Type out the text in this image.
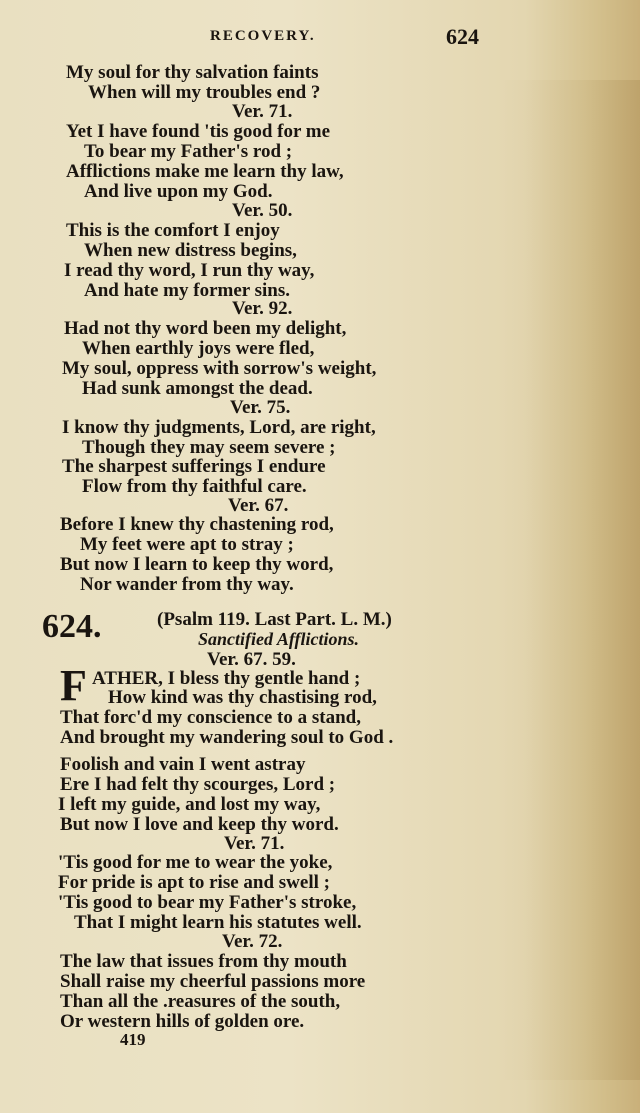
RECOVERY.	624
My soul for thy salvation faints
When will my troubles end ?
Ver. 71.
Yet I have found 'tis good for me
To bear my Father's rod ;
Afflictions make me learn thy law,
And live upon my God.
Ver. 50.
This is the comfort I enjoy
When new distress begins,
I read thy word, I run thy way,
And hate my former sins.
Ver. 92.
Had not thy word been my delight,
When earthly joys were fled,
My soul, oppress with sorrow's weight,
Had sunk amongst the dead.
Ver. 75.
I know thy judgments, Lord, are right,
Though they may seem severe ;
The sharpest sufferings I endure
Flow from thy faithful care.
Ver. 67.
Before I knew thy chastening rod,
My feet were apt to stray ;
But now I learn to keep thy word,
Nor wander from thy way.
624.	(Psalm 119. Last Part. L. M.)
Sanctified Afflictions.
Ver. 67. 59.
F ATHER, I bless thy gentle hand ;
How kind was thy chastising rod,
That forc'd my conscience to a stand,
And brought my wandering soul to God .
Foolish and vain I went astray
Ere I had felt thy scourges, Lord ;
I left my guide, and lost my way,
But now I love and keep thy word.
Ver. 71.
'Tis good for me to wear the yoke,
For pride is apt to rise and swell ;
'Tis good to bear my Father's stroke,
That I might learn his statutes well.
Ver. 72.
The law that issues from thy mouth
Shall raise my cheerful passions more
Than all the .reasures of the south,
Or western hills of golden ore.
419
